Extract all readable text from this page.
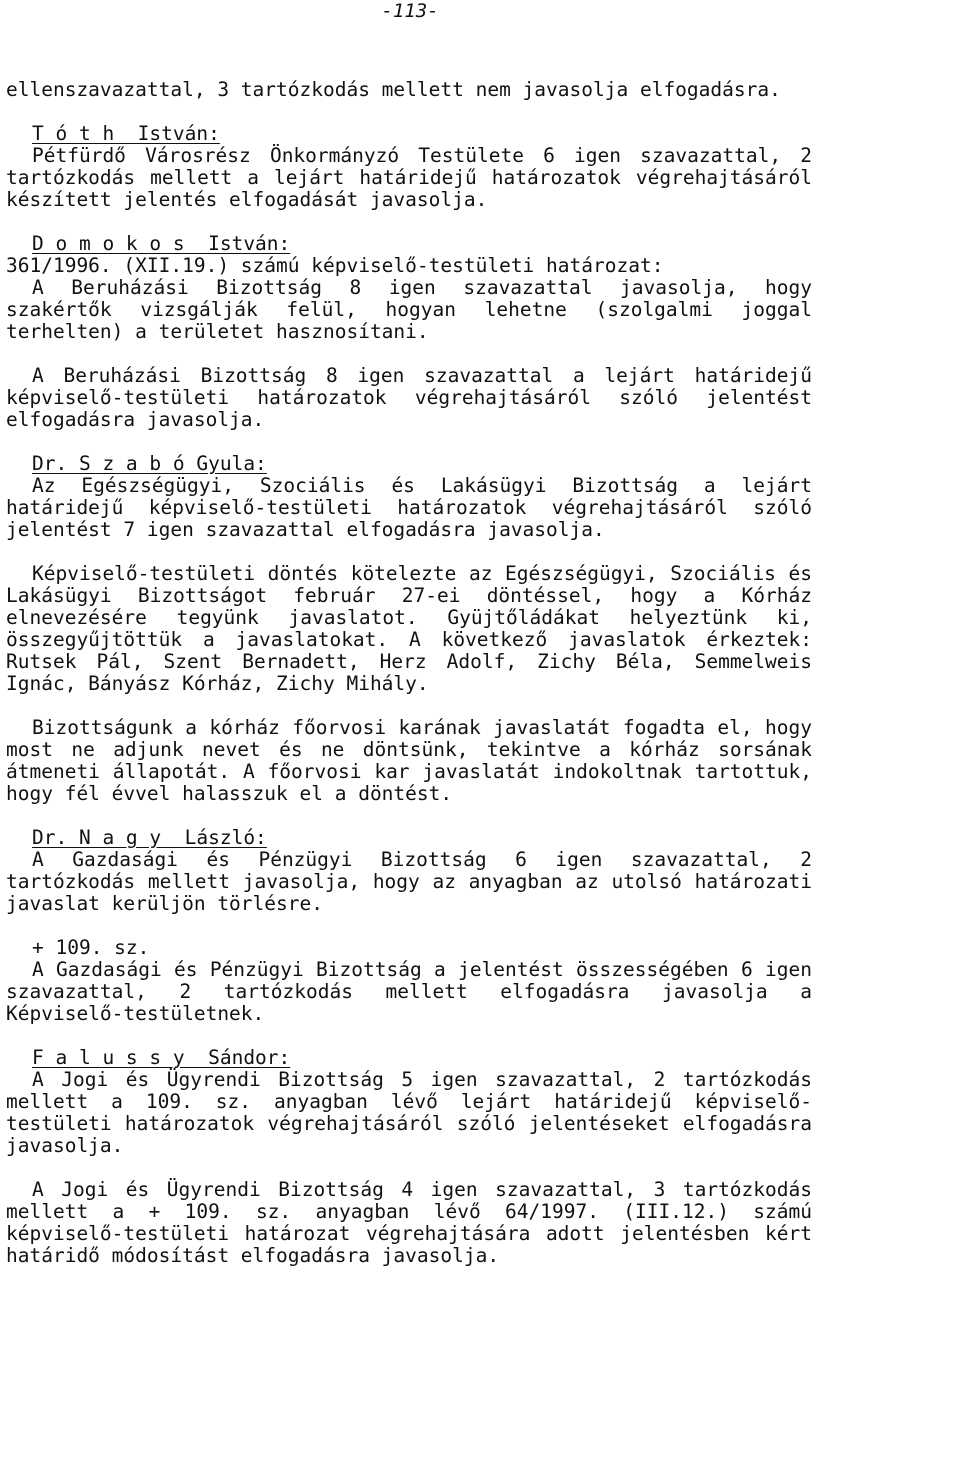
-113-

ellenszavazattal, 3 tartózkodás mellett nem javasolja elfogadásra.

T ó t h  István:

Pétfürdő Városrész Önkormányzó Testülete 6 igen szavazattal, 2 tartózkodás mellett a lejárt határidejű határozatok végrehajtásáról készített jelentés elfogadását javasolja.

D o m o k o s  István:
361/1996. (XII.19.) számú képviselő-testületi határozat:

A Beruházási Bizottság 8 igen szavazattal javasolja, hogy szakértők vizsgálják felül, hogyan lehetne (szolgalmi joggal terhelten) a területet hasznosítani.

A Beruházási Bizottság 8 igen szavazattal a lejárt határidejű képviselő-testületi határozatok végrehajtásáról szóló jelentést elfogadásra javasolja.

Dr. S z a b ó Gyula:

Az Egészségügyi, Szociális és Lakásügyi Bizottság a lejárt határidejű képviselő-testületi határozatok végrehajtásáról szóló jelentést 7 igen szavazattal elfogadásra javasolja.

Képviselő-testületi döntés kötelezte az Egészségügyi, Szociális és Lakásügyi Bizottságot február 27-ei döntéssel, hogy a Kórház elnevezésére tegyünk javaslatot. Gyüjtőládákat helyeztünk ki, összegyűjtöttük a javaslatokat. A következő javaslatok érkeztek: Rutsek Pál, Szent Bernadett, Herz Adolf, Zichy Béla, Semmelweis Ignác, Bányász Kórház, Zichy Mihály.

Bizottságunk a kórház főorvosi karának javaslatát fogadta el, hogy most ne adjunk nevet és ne döntsünk, tekintve a kórház sorsának átmeneti állapotát. A főorvosi kar javaslatát indokoltnak tartottuk, hogy fél évvel halasszuk el a döntést.

Dr. N a g y  László:

A Gazdasági és Pénzügyi Bizottság 6 igen szavazattal, 2 tartózkodás mellett javasolja, hogy az anyagban az utolsó határozati javaslat kerüljön törlésre.

+ 109. sz.

A Gazdasági és Pénzügyi Bizottság a jelentést összességében 6 igen szavazattal, 2 tartózkodás mellett elfogadásra javasolja a Képviselő-testületnek.

F a l u s s y  Sándor:

A Jogi és Ügyrendi Bizottság 5 igen szavazattal, 2 tartózkodás mellett a 109. sz. anyagban lévő lejárt határidejű képviselő-testületi határozatok végrehajtásáról szóló jelentéseket elfogadásra javasolja.

A Jogi és Ügyrendi Bizottság 4 igen szavazattal, 3 tartózkodás mellett a + 109. sz. anyagban lévő 64/1997. (III.12.) számú képviselő-testületi határozat végrehajtására adott jelentésben kért határidő módosítást elfogadásra javasolja.
